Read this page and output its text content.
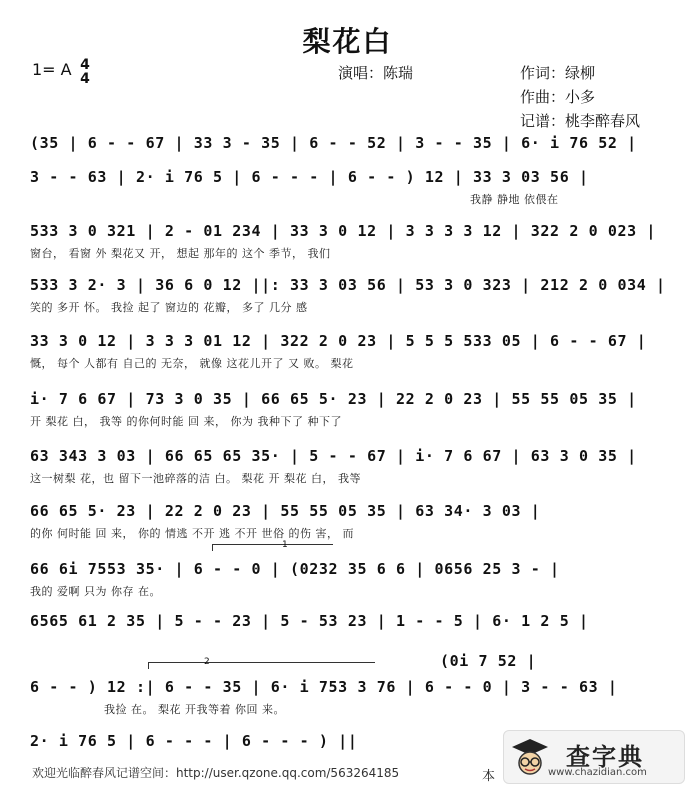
梨花白
1= A 4
4	演唱：陈瑞	作词：绿柳
作曲：小多
记谱：桃李醉春风
(35 | 6 - - 67 | 33 3 - 35 | 6 - - 52 | 3 - - 35 | 6· i 76 52 |
3 - - 63 | 2· i 76 5 | 6 - - - | 6 - - ) 12 | 33 3 03 56 |
我静 静地 依偎在
533 3 0 321 | 2 - 01 234 | 33 3 0 12 | 3 3 3 3 12 | 322 2 0 023 |
窗台， 看窗 外 梨花又 开， 想起 那年的 这个 季节， 我们
533 3 2· 3 | 36 6 0 12 ||: 33 3 03 56 | 53 3 0 323 | 212 2 0 034 |
笑的 多开 怀。 我捡 起了 窗边的 花瓣， 多了 几分 感
33 3 0 12 | 3 3 3 01 12 | 322 2 0 23 | 5 5 5 533 05 | 6 - - 67 |
慨， 每个 人都有 自己的 无奈， 就像 这花儿开了 又 败。 梨花
i· 7 6 67 | 73 3 0 35 | 66 65 5· 23 | 22 2 0 23 | 55 55 05 35 |
开 梨花 白， 我等 的你何时能 回 来， 你为 我种下了 种下了
63 343 3 03 | 66 65 65 35· | 5 - - 67 | i· 7 6 67 | 63 3 0 35 |
这一树梨 花，也 留下一池碎落的洁 白。 梨花 开 梨花 白， 我等
66 65 5· 23 | 22 2 0 23 | 55 55 05 35 | 63 34· 3 03 |
的你 何时能 回 来， 你的 情逃 不开 逃 不开 世俗 的伤 害， 而
1
66 6i 7553 35· | 6 - - 0 | (0232 35 6 6 | 0656 25 3 - |
我的 爱啊 只为 你存 在。
6565 61 2 35 | 5 - - 23 | 5 - 53 23 | 1 - - 5 | 6· 1 2 5 |
2	(0i 7 52 |
6 - - ) 12 :| 6 - - 35 | 6· i 753 3 76 | 6 - - 0 | 3 - - 63 |
我捡 在。 梨花 开我等着 你回 来。
2· i 76 5 | 6 - - - | 6 - - - ) ||
欢迎光临醉春风记谱空间：http://user.qzone.qq.com/563264185	本
查字典
www.chazidian.com
